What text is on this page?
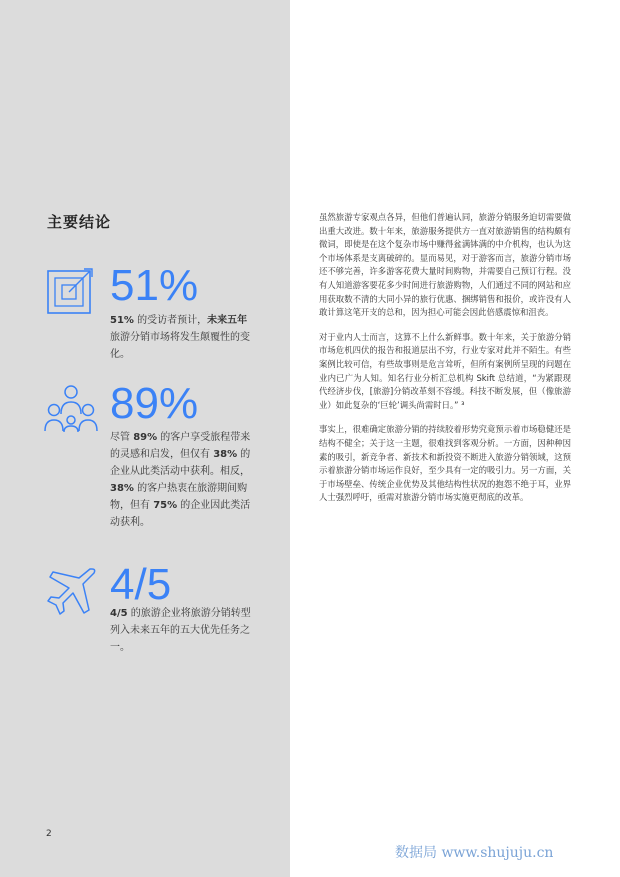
主要结论
51%

51% 的受访者预计，未来五年旅游分销市场将发生颠覆性的变化。

89%

尽管 89% 的客户享受旅程带来的灵感和启发，但仅有 38% 的企业从此类活动中获利。相反，38% 的客户热衷在旅游期间购物，但有 75% 的企业因此类活动获利。

4/5

4/5 的旅游企业将旅游分销转型列入未来五年的五大优先任务之一。

虽然旅游专家观点各异，但他们普遍认同，旅游分销服务迫切需要做出重大改进。数十年来，旅游服务提供方一直对旅游销售的结构颇有微词，即使是在这个复杂市场中赚得盆满钵满的中介机构，也认为这个市场体系是支离破碎的。显而易见，对于游客而言，旅游分销市场还不够完善，许多游客花费大量时间购物，并需要自己预订行程。没有人知道游客要花多少时间进行旅游购物，人们通过不同的网站和应用获取数不清的大同小异的旅行优惠、捆绑销售和报价，或许没有人敢计算这笔开支的总和，因为担心可能会因此倍感震惊和沮丧。

对于业内人士而言，这算不上什么新鲜事。数十年来，关于旅游分销市场危机四伏的报告和报道层出不穷，行业专家对此并不陌生。有些案例比较可信，有些故事则是危言耸听，但所有案例所呈现的问题在业内已广为人知。知名行业分析汇总机构 Skift 总结道，“为紧跟现代经济步伐，[旅游]分销改革刻不容缓。科技不断发展，但（像旅游业）如此复杂的‘巨轮’调头尚需时日。” ³

事实上，很难确定旅游分销的持续胶着形势究竟预示着市场稳健还是结构不健全；关于这一主题，很难找到客观分析。一方面，因种种因素的吸引，新竞争者、新技术和新投资不断进入旅游分销领域，这预示着旅游分销市场运作良好，至少具有一定的吸引力。另一方面，关于市场壁垒、传统企业优势及其他结构性状况的抱怨不绝于耳，业界人士强烈呼吁，亟需对旅游分销市场实施更彻底的改革。

2
数据局 www.shujuju.cn
